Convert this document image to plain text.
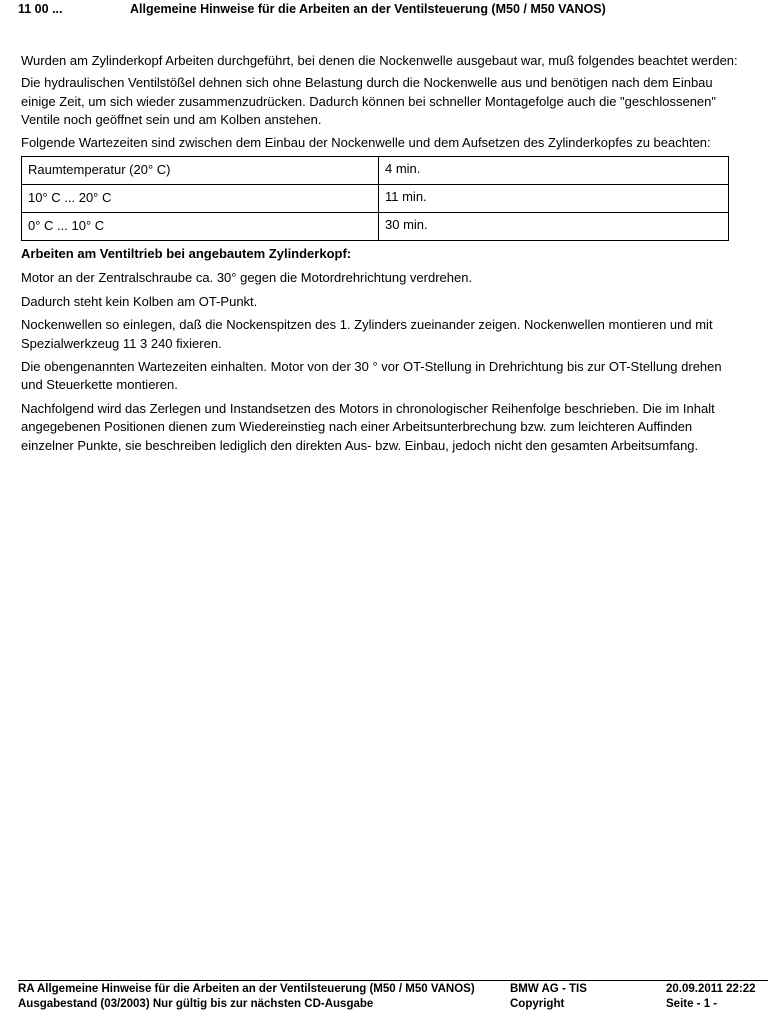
11 00 ...	Allgemeine Hinweise für die Arbeiten an der Ventilsteuerung (M50 / M50 VANOS)

Wurden am Zylinderkopf Arbeiten durchgeführt, bei denen die Nockenwelle ausgebaut war, muß folgendes beachtet werden:

Die hydraulischen Ventilstößel dehnen sich ohne Belastung durch die Nockenwelle aus und benötigen nach dem Einbau einige Zeit, um sich wieder zusammenzudrücken. Dadurch können bei schneller Montagefolge auch die "geschlossenen" Ventile noch geöffnet sein und am Kolben anstehen.

Folgende Wartezeiten sind zwischen dem Einbau der Nockenwelle und dem Aufsetzen des Zylinderkopfes zu beachten:

Raumtemperatur (20° C)	4 min.
10° C ... 20° C	11 min.
0° C ... 10° C	30 min.

Arbeiten am Ventiltrieb bei angebautem Zylinderkopf:

Motor an der Zentralschraube ca. 30° gegen die Motordrehrichtung verdrehen.

Dadurch steht kein Kolben am OT-Punkt.

Nockenwellen so einlegen, daß die Nockenspitzen des 1. Zylinders zueinander zeigen. Nockenwellen montieren und mit Spezialwerkzeug 11 3 240 fixieren.

Die obengenannten Wartezeiten einhalten. Motor von der 30 ° vor OT-Stellung in Drehrichtung bis zur OT-Stellung drehen und Steuerkette montieren.

Nachfolgend wird das Zerlegen und Instandsetzen des Motors in chronologischer Reihenfolge beschrieben. Die im Inhalt angegebenen Positionen dienen zum Wiedereinstieg nach einer Arbeitsunterbrechung bzw. zum leichteren Auffinden einzelner Punkte, sie beschreiben lediglich den direkten Aus- bzw. Einbau, jedoch nicht den gesamten Arbeitsumfang.

RA Allgemeine Hinweise für die Arbeiten an der Ventilsteuerung (M50 / M50 VANOS)	BMW AG - TIS	20.09.2011 22:22
Ausgabestand (03/2003) Nur gültig bis zur nächsten CD-Ausgabe	Copyright	Seite - 1 -
